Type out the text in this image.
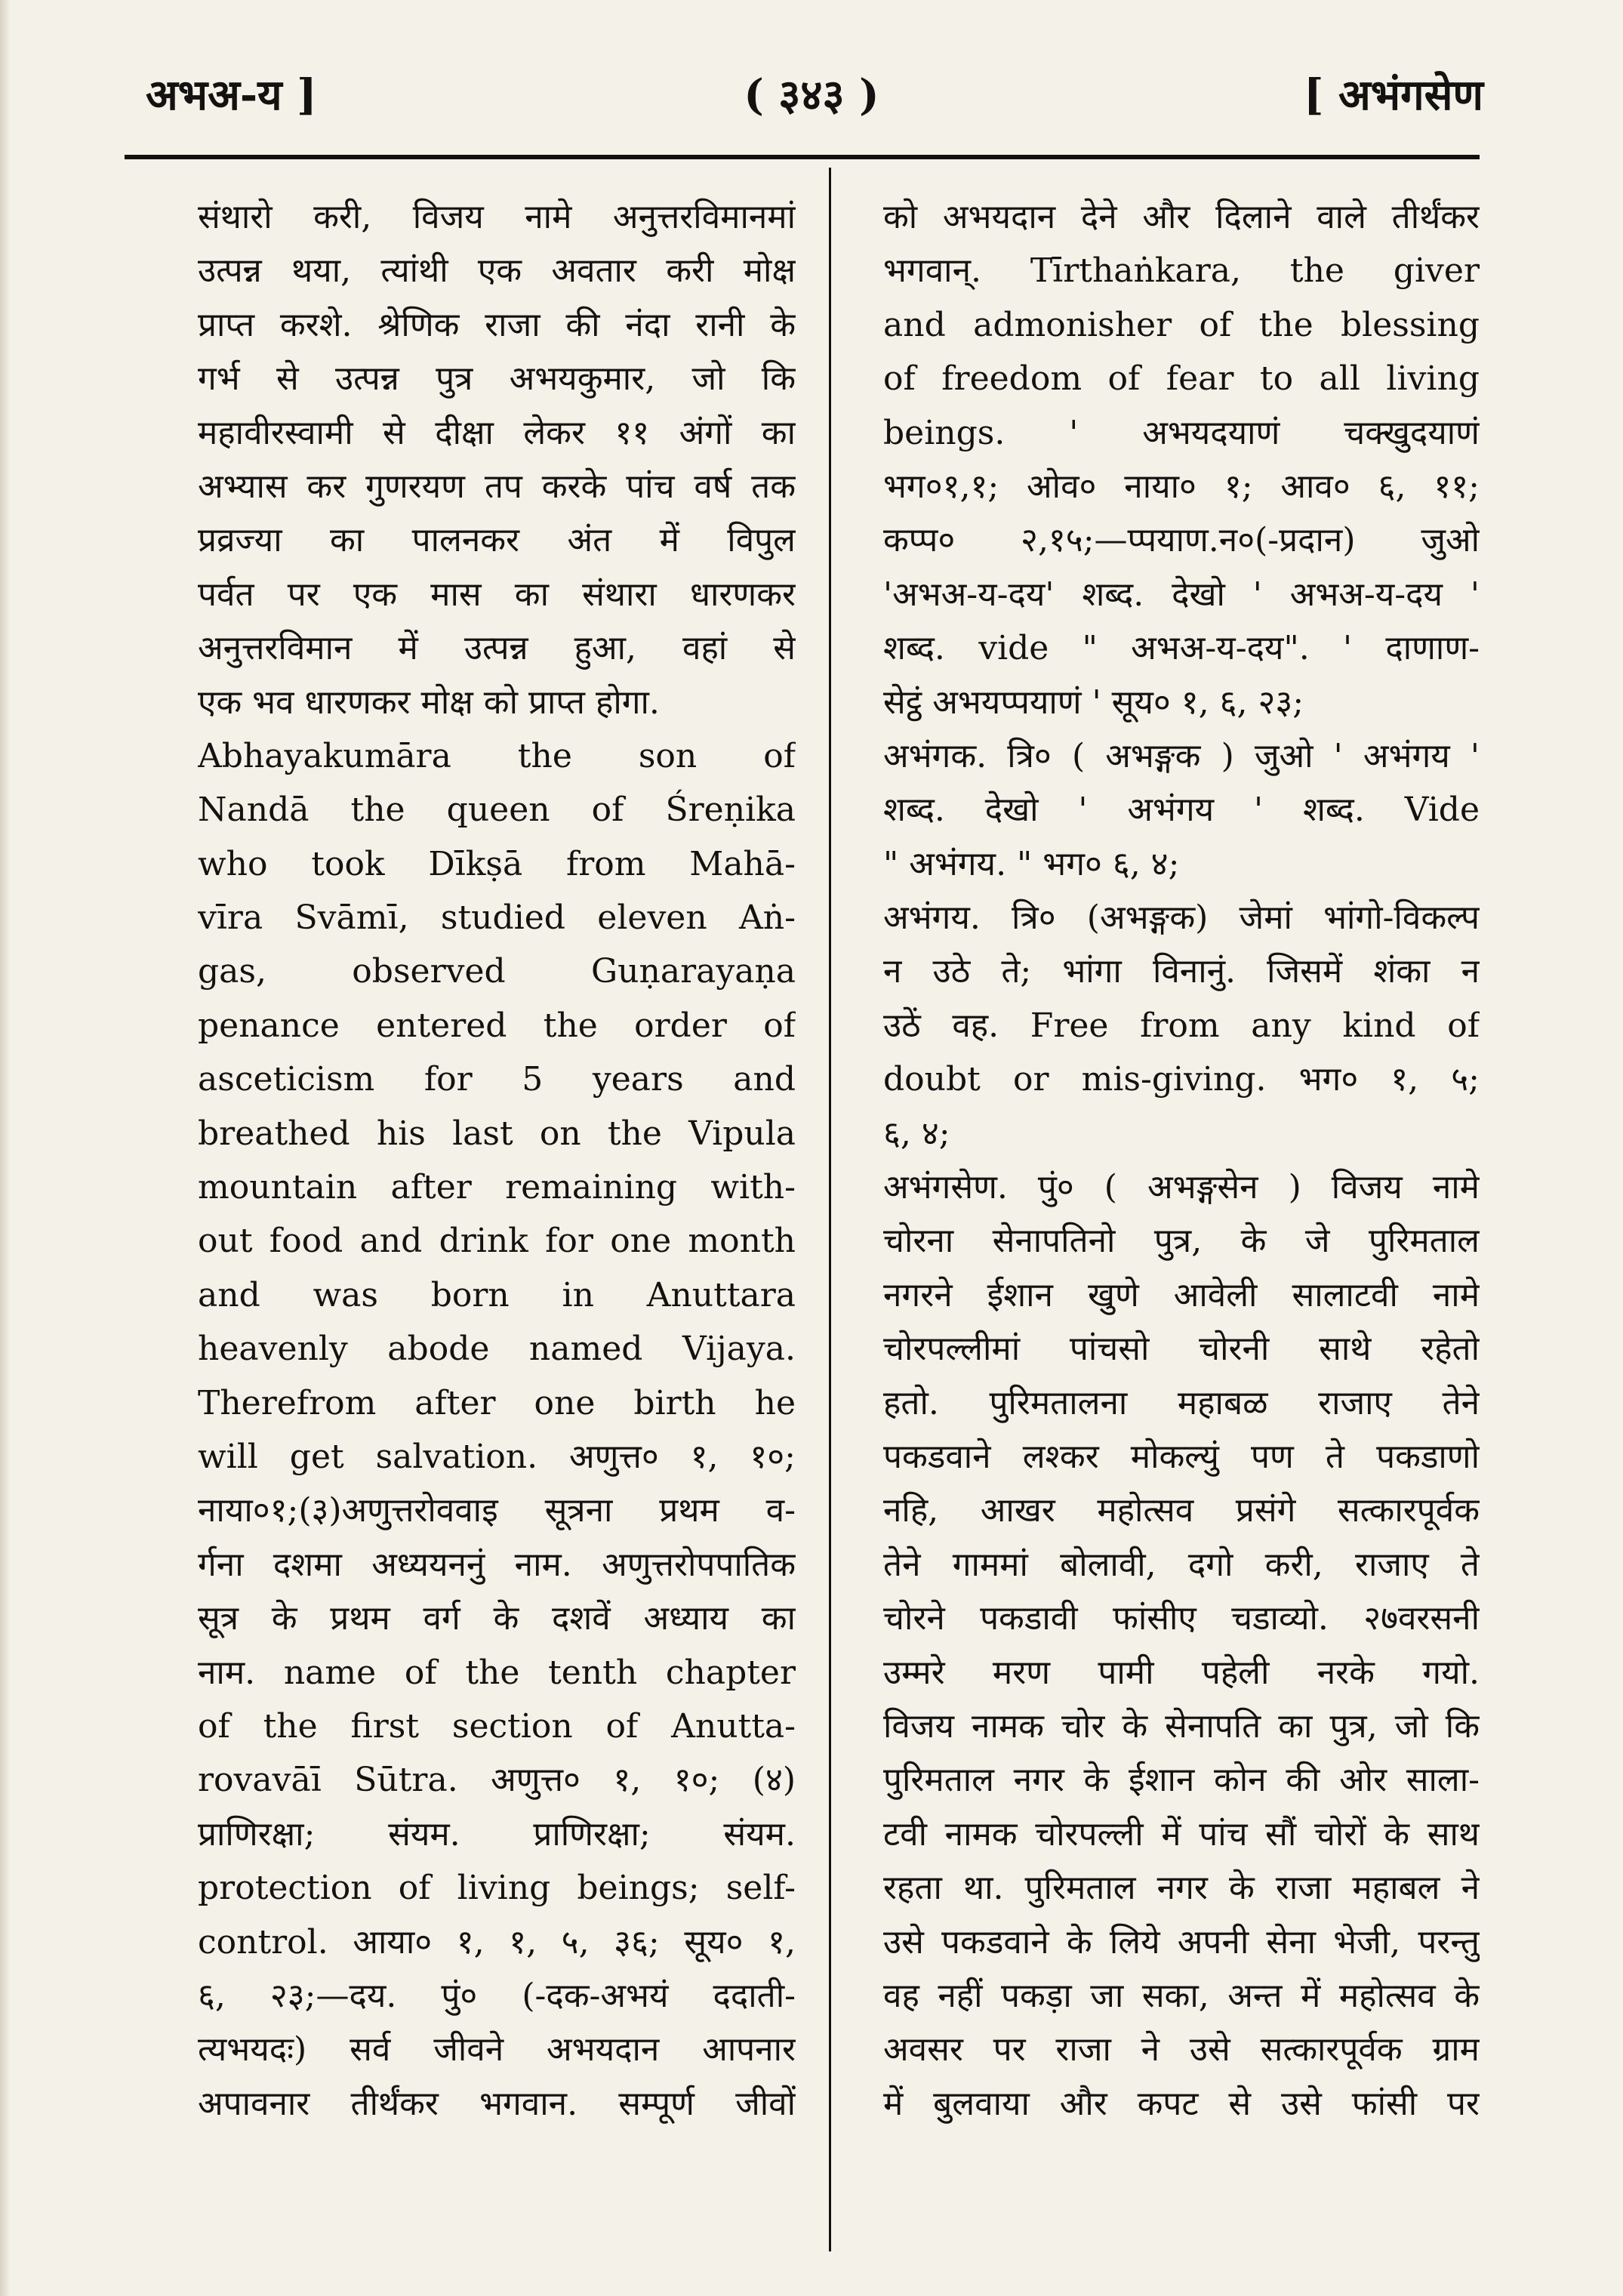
अभअ-य ]	( ३४३ )	[ अभंगसेण
संथारो करी, विजय नामे अनुत्तरविमानमां
उत्पन्न थया, त्यांथी एक अवतार करी मोक्ष
प्राप्त करशे. श्रेणिक राजा की नंदा रानी के
गर्भ से उत्पन्न पुत्र अभयकुमार, जो कि
महावीरस्वामी से दीक्षा लेकर ११ अंगों का
अभ्यास कर गुणरयण तप करके पांच वर्ष तक
प्रव्रज्या का पालनकर अंत में विपुल
पर्वत पर एक मास का संथारा धारणकर
अनुत्तरविमान में उत्पन्न हुआ, वहां से
एक भव धारणकर मोक्ष को प्राप्त होगा.
Abhayakumāra the son of
Nandā the queen of Śreṇika
who took Dīkṣā from Mahā-
vīra Svāmī, studied eleven Aṅ-
gas, observed Guṇarayaṇa
penance entered the order of
asceticism for 5 years and
breathed his last on the Vipula
mountain after remaining with-
out food and drink for one month
and was born in Anuttara
heavenly abode named Vijaya.
Therefrom after one birth he
will get salvation. अणुत्त० १, १०;
नाया०१;(३)अणुत्तरोववाइ सूत्रना प्रथम व-
र्गना दशमा अध्ययननुं नाम. अणुत्तरोपपातिक
सूत्र के प्रथम वर्ग के दशवें अध्याय का
नाम. name of the tenth chapter
of the first section of Anutta-
rovavāī Sūtra. अणुत्त० १, १०; (४)
प्राणिरक्षा; संयम. प्राणिरक्षा; संयम.
protection of living beings; self-
control. आया० १, १, ५, ३६; सूय० १,
६, २३;—दय. पुं० (-दक-अभयं ददाती-
त्यभयदः) सर्व जीवने अभयदान आपनार
अपावनार तीर्थंकर भगवान. सम्पूर्ण जीवों
को अभयदान देने और दिलाने वाले तीर्थंकर
भगवान्. Tīrthaṅkara, the giver
and admonisher of the blessing
of freedom of fear to all living
beings. ' अभयदयाणं चक्खुदयाणं
भग०१,१; ओव० नाया० १; आव० ६, ११;
कप्प० २,१५;—प्पयाण.न०(-प्रदान) जुओ
'अभअ-य-दय' शब्द. देखो ' अभअ-य-दय '
शब्द. vide " अभअ-य-दय". ' दाणाण-
सेट्ठं अभयप्पयाणं ' सूय० १, ६, २३;
अभंगक. त्रि० ( अभङ्गक ) जुओ ' अभंगय '
शब्द. देखो ' अभंगय ' शब्द. Vide
" अभंगय. " भग० ६, ४;
अभंगय. त्रि० (अभङ्गक) जेमां भांगो-विकल्प
न उठे ते; भांगा विनानुं. जिसमें शंका न
उठें वह. Free from any kind of
doubt or mis-giving. भग० १, ५;
६, ४;
अभंगसेण. पुं० ( अभङ्गसेन ) विजय नामे
चोरना सेनापतिनो पुत्र, के जे पुरिमताल
नगरने ईशान खुणे आवेली सालाटवी नामे
चोरपल्लीमां पांचसो चोरनी साथे रहेतो
हतो. पुरिमतालना महाबळ राजाए तेने
पकडवाने लश्कर मोकल्युं पण ते पकडाणो
नहि, आखर महोत्सव प्रसंगे सत्कारपूर्वक
तेने गाममां बोलावी, दगो करी, राजाए ते
चोरने पकडावी फांसीए चडाव्यो. २७वरसनी
उम्मरे मरण पामी पहेली नरके गयो.
विजय नामक चोर के सेनापति का पुत्र, जो कि
पुरिमताल नगर के ईशान कोन की ओर साला-
टवी नामक चोरपल्ली में पांच सौं चोरों के साथ
रहता था. पुरिमताल नगर के राजा महाबल ने
उसे पकडवाने के लिये अपनी सेना भेजी, परन्तु
वह नहीं पकड़ा जा सका, अन्त में महोत्सव के
अवसर पर राजा ने उसे सत्कारपूर्वक ग्राम
में बुलवाया और कपट से उसे फांसी पर
